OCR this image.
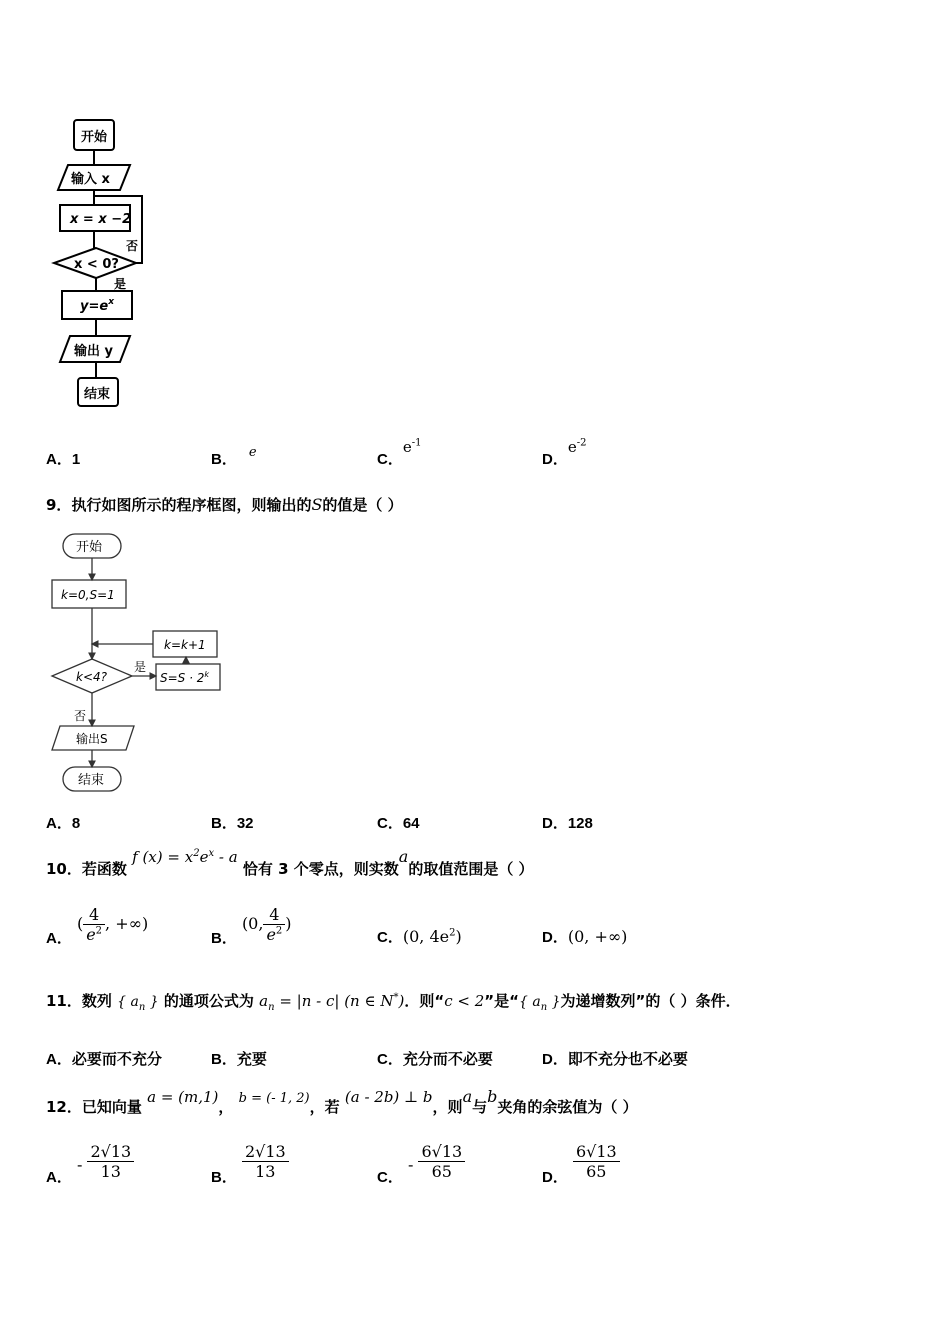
开始
输入 x
x = x −2
x < 0?
否
是
$y=e^x$
输出 y
结束
A．1	B． e	C．$e^{-1}$
D．$e^{-2}$
9．执行如图所示的程序框图，则输出的S的值是（ ）
开始
k=0,S=1
k=k+1
k<4?
是
否
$S=S \cdot 2^k$
输出S
结束
A．8	B．32	C．64	D．128
10．若函数 f $(x) = x^2e^x - a$ 恰有 3 个零点，则实数a的取值范围是（ ）
A． ( $\frac{4}{e^2}$ , +∞)
B． (0, $\frac{4}{e^2}$ )
C．(0, $4e^2$)	D．(0, +∞)
11．数列 { $a_n$ } 的通项公式为 $a_n = |n - c|$ (n ∈ N*)．则“c < 2”是“{ $a_n$ }为递增数列”的（ ）条件．
A．必要而不充分	B．充要	C．充分而不必要	D．即不充分也不必要
12．已知向量 a = (m,1)， b = (- 1, 2)，若 (a - 2b) ⊥ b，则a与b夹角的余弦值为（ ）
A． - $\frac{2√13}{13}$	B． $\frac{2√13}{13}$	C． - $\frac{6√13}{65}$	D． $\frac{6√13}{65}$
